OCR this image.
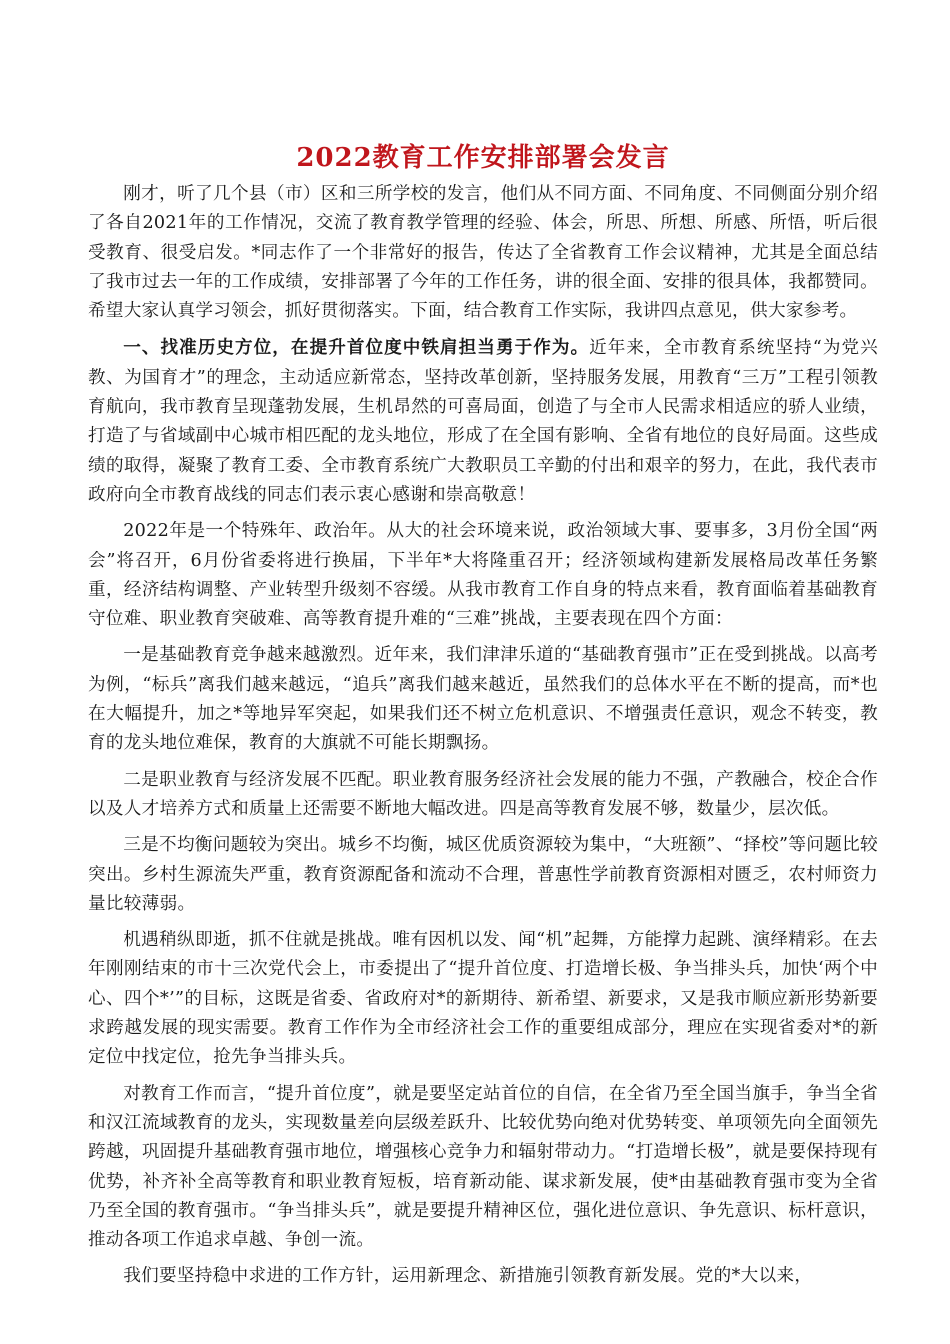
2022教育工作安排部署会发言

刚才，听了几个县（市）区和三所学校的发言，他们从不同方面、不同角度、不同侧面分别介绍了各自2021年的工作情况，交流了教育教学管理的经验、体会，所思、所想、所感、所悟，听后很受教育、很受启发。*同志作了一个非常好的报告，传达了全省教育工作会议精神，尤其是全面总结了我市过去一年的工作成绩，安排部署了今年的工作任务，讲的很全面、安排的很具体，我都赞同。希望大家认真学习领会，抓好贯彻落实。下面，结合教育工作实际，我讲四点意见，供大家参考。

一、找准历史方位，在提升首位度中铁肩担当勇于作为。近年来，全市教育系统坚持“为党兴教、为国育才”的理念，主动适应新常态，坚持改革创新，坚持服务发展，用教育“三万”工程引领教育航向，我市教育呈现蓬勃发展，生机昂然的可喜局面，创造了与全市人民需求相适应的骄人业绩，打造了与省域副中心城市相匹配的龙头地位，形成了在全国有影响、全省有地位的良好局面。这些成绩的取得，凝聚了教育工委、全市教育系统广大教职员工辛勤的付出和艰辛的努力，在此，我代表市政府向全市教育战线的同志们表示衷心感谢和崇高敬意！

2022年是一个特殊年、政治年。从大的社会环境来说，政治领域大事、要事多，3月份全国“两会”将召开，6月份省委将进行换届，下半年*大将隆重召开；经济领域构建新发展格局改革任务繁重，经济结构调整、产业转型升级刻不容缓。从我市教育工作自身的特点来看，教育面临着基础教育守位难、职业教育突破难、高等教育提升难的“三难”挑战，主要表现在四个方面：

一是基础教育竞争越来越激烈。近年来，我们津津乐道的“基础教育强市”正在受到挑战。以高考为例，“标兵”离我们越来越远，“追兵”离我们越来越近，虽然我们的总体水平在不断的提高，而*也在大幅提升，加之*等地异军突起，如果我们还不树立危机意识、不增强责任意识，观念不转变，教育的龙头地位难保，教育的大旗就不可能长期飘扬。

二是职业教育与经济发展不匹配。职业教育服务经济社会发展的能力不强，产教融合，校企合作以及人才培养方式和质量上还需要不断地大幅改进。四是高等教育发展不够，数量少，层次低。

三是不均衡问题较为突出。城乡不均衡，城区优质资源较为集中，“大班额”、“择校”等问题比较突出。乡村生源流失严重，教育资源配备和流动不合理，普惠性学前教育资源相对匮乏，农村师资力量比较薄弱。

机遇稍纵即逝，抓不住就是挑战。唯有因机以发、闻“机”起舞，方能撑力起跳、演绎精彩。在去年刚刚结束的市十三次党代会上，市委提出了“提升首位度、打造增长极、争当排头兵，加快‘两个中心、四个*’”的目标，这既是省委、省政府对*的新期待、新希望、新要求，又是我市顺应新形势新要求跨越发展的现实需要。教育工作作为全市经济社会工作的重要组成部分，理应在实现省委对*的新定位中找定位，抢先争当排头兵。

对教育工作而言，“提升首位度”，就是要坚定站首位的自信，在全省乃至全国当旗手，争当全省和汉江流域教育的龙头，实现数量差向层级差跃升、比较优势向绝对优势转变、单项领先向全面领先跨越，巩固提升基础教育强市地位，增强核心竞争力和辐射带动力。“打造增长极”，就是要保持现有优势，补齐补全高等教育和职业教育短板，培育新动能、谋求新发展，使*由基础教育强市变为全省乃至全国的教育强市。“争当排头兵”，就是要提升精神区位，强化进位意识、争先意识、标杆意识，推动各项工作追求卓越、争创一流。

我们要坚持稳中求进的工作方针，运用新理念、新措施引领教育新发展。党的*大以来，
